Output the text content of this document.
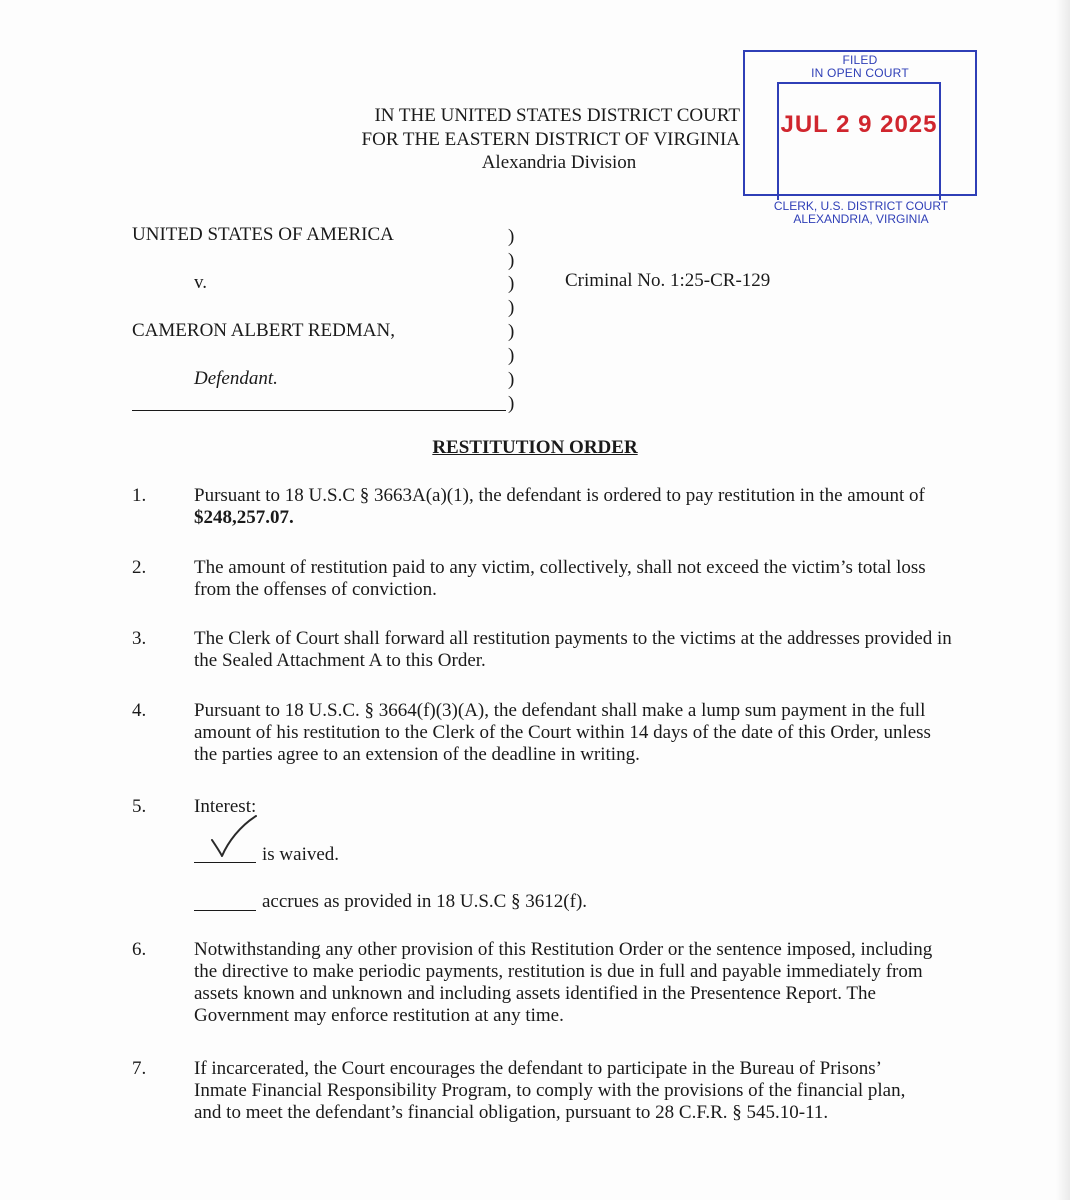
IN THE UNITED STATES DISTRICT COURT
FOR THE EASTERN DISTRICT OF VIRGINIA
Alexandria Division
FILED
IN OPEN COURT
JUL 2 9 2025
CLERK, U.S. DISTRICT COURT
ALEXANDRIA, VIRGINIA
UNITED STATES OF AMERICA
v.
CAMERON ALBERT REDMAN,
Defendant.
Criminal No. 1:25-CR-129
)
)
)
)
)
)
)
)
RESTITUTION ORDER
1.	Pursuant to 18 U.S.C § 3663A(a)(1), the defendant is ordered to pay restitution in the amount of $248,257.07.
2.	The amount of restitution paid to any victim, collectively, shall not exceed the victim’s total loss from the offenses of conviction.
3.	The Clerk of Court shall forward all restitution payments to the victims at the addresses provided in the Sealed Attachment A to this Order.
4.	Pursuant to 18 U.S.C. § 3664(f)(3)(A), the defendant shall make a lump sum payment in the full amount of his restitution to the Clerk of the Court within 14 days of the date of this Order, unless the parties agree to an extension of the deadline in writing.
5.	Interest:
is waived.
accrues as provided in 18 U.S.C § 3612(f).
6.	Notwithstanding any other provision of this Restitution Order or the sentence imposed, including the directive to make periodic payments, restitution is due in full and payable immediately from assets known and unknown and including assets identified in the Presentence Report. The Government may enforce restitution at any time.
7.	If incarcerated, the Court encourages the defendant to participate in the Bureau of Prisons’ Inmate Financial Responsibility Program, to comply with the provisions of the financial plan, and to meet the defendant’s financial obligation, pursuant to 28 C.F.R. § 545.10-11.
